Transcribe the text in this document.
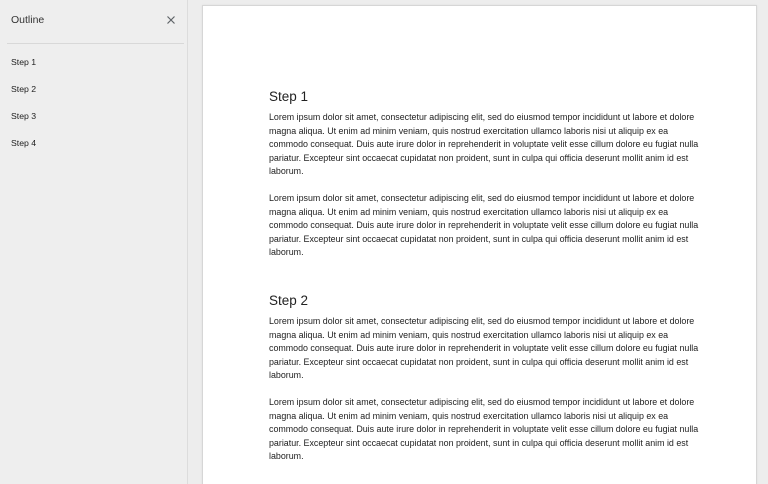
Outline
Step 1
Step 2
Step 3
Step 4
Step 1

Lorem ipsum dolor sit amet, consectetur adipiscing elit, sed do eiusmod tempor incididunt ut labore et dolore magna aliqua. Ut enim ad minim veniam, quis nostrud exercitation ullamco laboris nisi ut aliquip ex ea commodo consequat. Duis aute irure dolor in reprehenderit in voluptate velit esse cillum dolore eu fugiat nulla pariatur. Excepteur sint occaecat cupidatat non proident, sunt in culpa qui officia deserunt mollit anim id est laborum.

Lorem ipsum dolor sit amet, consectetur adipiscing elit, sed do eiusmod tempor incididunt ut labore et dolore magna aliqua. Ut enim ad minim veniam, quis nostrud exercitation ullamco laboris nisi ut aliquip ex ea commodo consequat. Duis aute irure dolor in reprehenderit in voluptate velit esse cillum dolore eu fugiat nulla pariatur. Excepteur sint occaecat cupidatat non proident, sunt in culpa qui officia deserunt mollit anim id est laborum.

Step 2

Lorem ipsum dolor sit amet, consectetur adipiscing elit, sed do eiusmod tempor incididunt ut labore et dolore magna aliqua. Ut enim ad minim veniam, quis nostrud exercitation ullamco laboris nisi ut aliquip ex ea commodo consequat. Duis aute irure dolor in reprehenderit in voluptate velit esse cillum dolore eu fugiat nulla pariatur. Excepteur sint occaecat cupidatat non proident, sunt in culpa qui officia deserunt mollit anim id est laborum.

Lorem ipsum dolor sit amet, consectetur adipiscing elit, sed do eiusmod tempor incididunt ut labore et dolore magna aliqua. Ut enim ad minim veniam, quis nostrud exercitation ullamco laboris nisi ut aliquip ex ea commodo consequat. Duis aute irure dolor in reprehenderit in voluptate velit esse cillum dolore eu fugiat nulla pariatur. Excepteur sint occaecat cupidatat non proident, sunt in culpa qui officia deserunt mollit anim id est laborum.
